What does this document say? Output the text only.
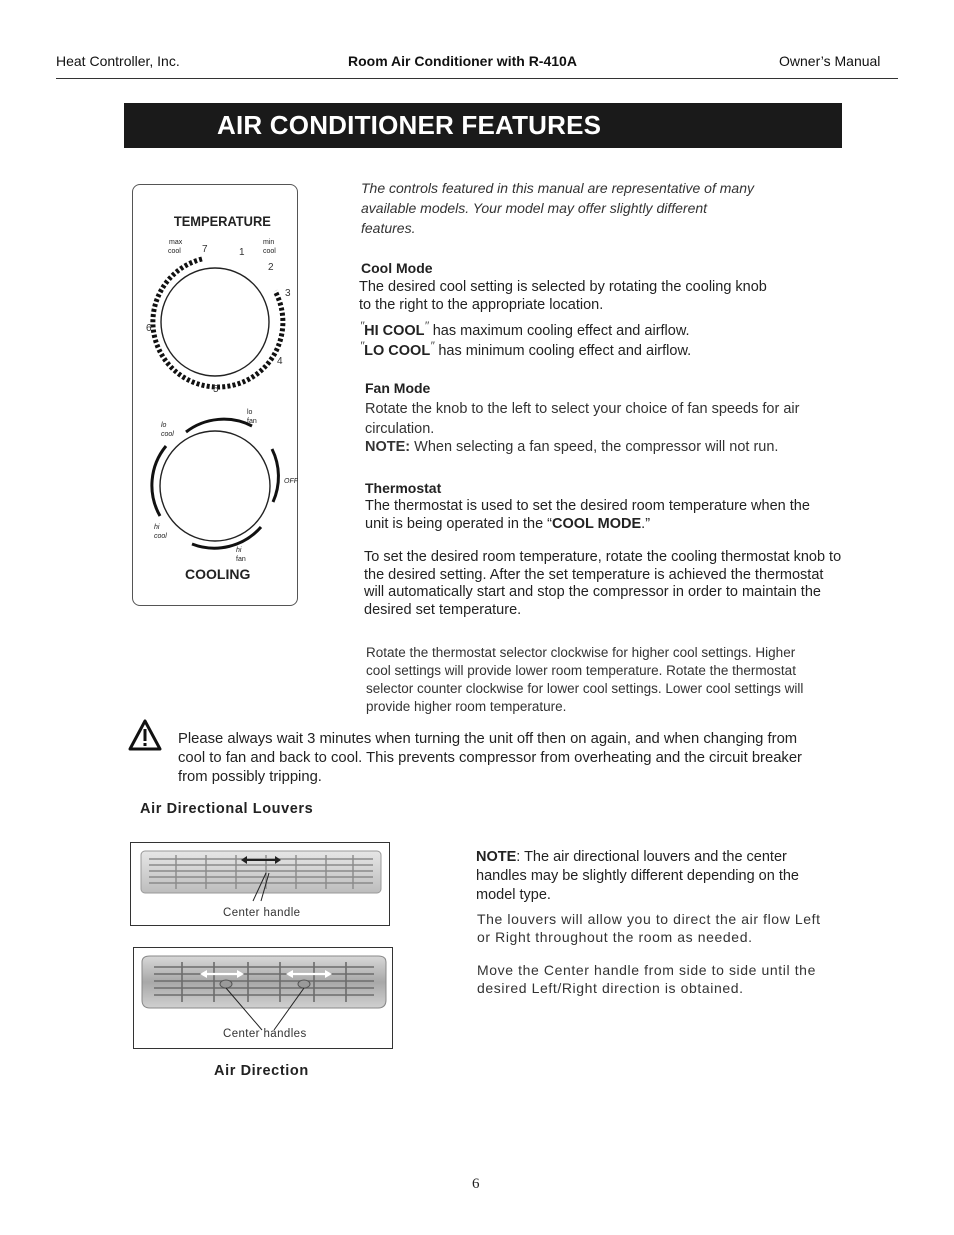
Heat Controller, Inc.	Room Air Conditioner with R-410A	Owner’s Manual
AIR CONDITIONER FEATURES
TEMPERATURE
max
cool
min
cool
7	1
2
3
4
5
6
lo
cool
lo
fan
OFF
hi
cool
hi
fan
COOLING
The controls featured in this manual are representative of many available models. Your model may offer slightly different features.
Cool Mode
The desired cool setting is selected by rotating the cooling knob to the right to the appropriate location.
′′HI COOL′′ has maximum cooling effect and airflow.
′′LO COOL′′ has minimum cooling effect and airflow.
Fan Mode
Rotate the knob to the left to select your choice of fan speeds for air circulation.
NOTE: When selecting a fan speed, the compressor will not run.
Thermostat
The thermostat is used to set the desired room temperature when the unit is being operated in the “COOL MODE.”
To set the desired room temperature, rotate the cooling thermostat knob to the desired setting. After the set temperature is achieved the thermostat will automatically start and stop the compressor in order to maintain the desired set temperature.
Rotate the thermostat selector clockwise for higher cool settings. Higher cool settings will provide lower room temperature. Rotate the thermostat selector counter clockwise for lower cool settings. Lower cool settings will provide higher room temperature.
Please always wait 3 minutes when turning the unit off then on again, and when changing from cool to fan and back to cool. This prevents compressor from overheating and the circuit breaker from possibly tripping.
Air Directional Louvers
Center handle
Center handles
Air Direction
NOTE: The air directional louvers and the center handles may be slightly different depending on the model type.
The louvers will allow you to direct the air flow Left or Right throughout the room as needed.
Move the Center handle from side to side until the desired Left/Right direction is obtained.
6
